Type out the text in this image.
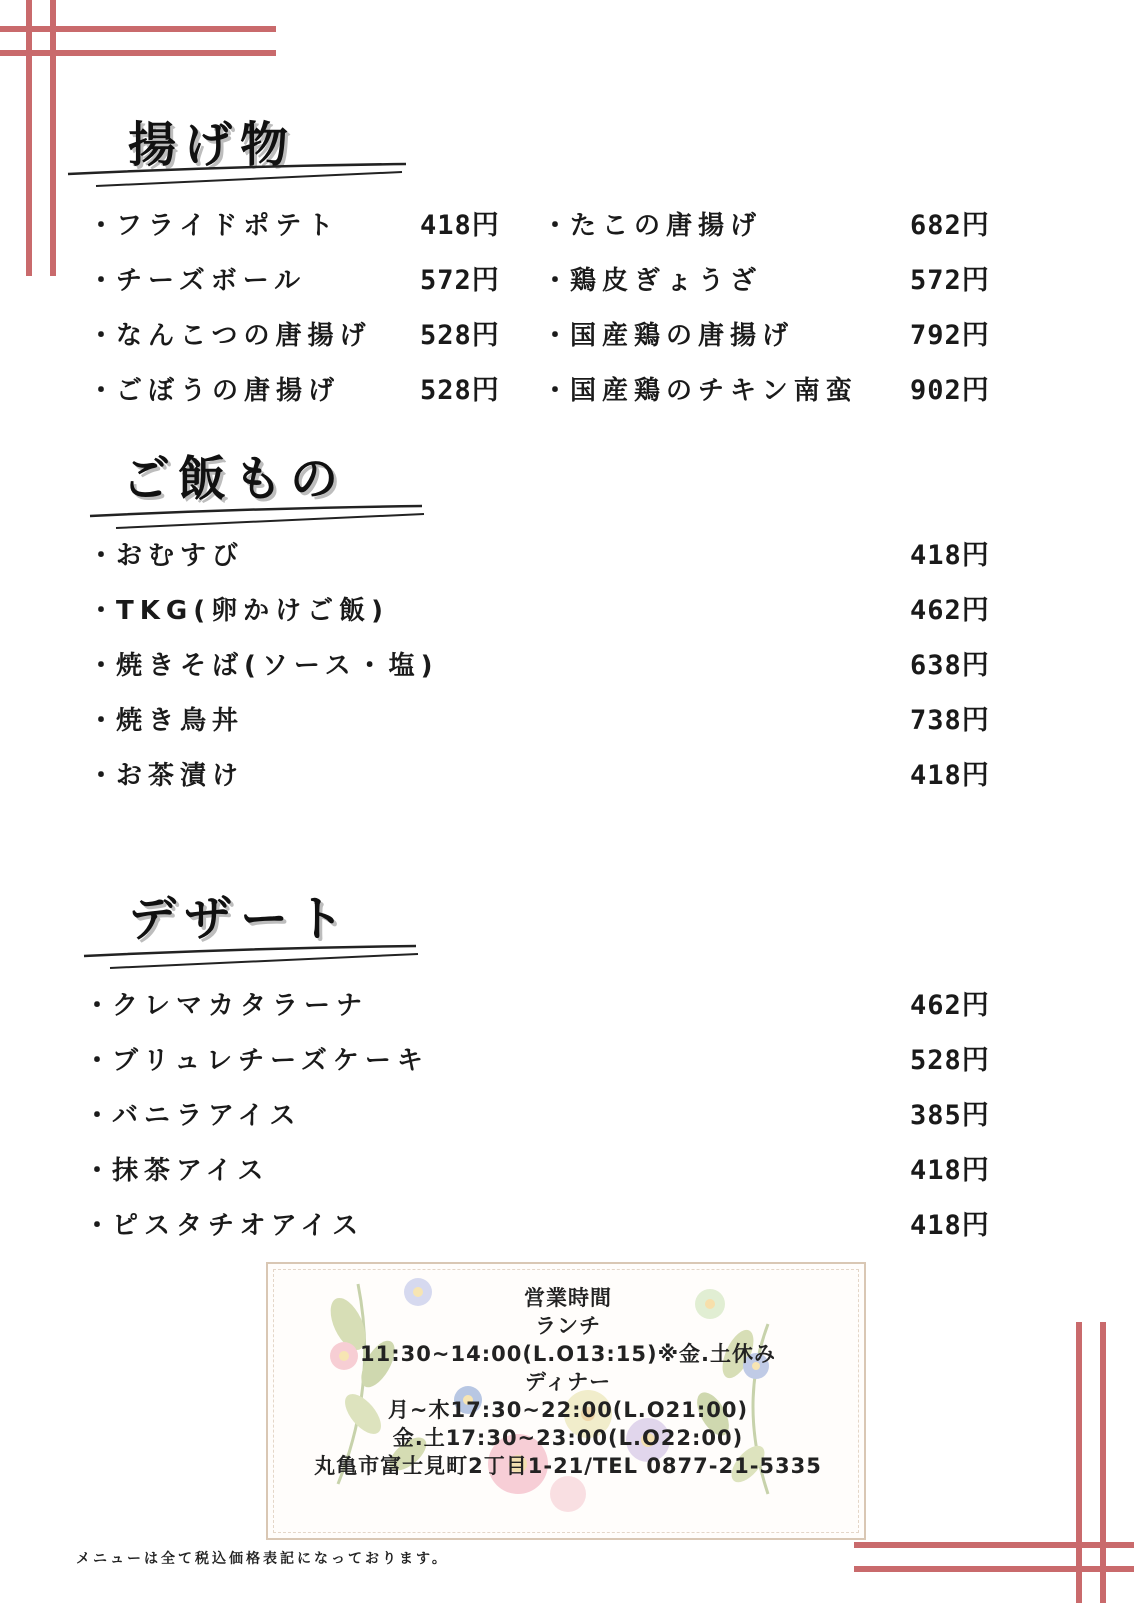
揚げ物
・フライドポテト	418円
・チーズボール	572円
・なんこつの唐揚げ 528円
・ごぼうの唐揚げ	528円
・たこの唐揚げ	682円
・鶏皮ぎょうざ	572円
・国産鶏の唐揚げ	792円
・国産鶏のチキン南蛮 902円
ご飯もの
・おむすび	418円
・TKG(卵かけご飯)	462円
・焼きそば(ソース・塩)	638円
・焼き鳥丼	738円
・お茶漬け	418円
デザート
・クレマカタラーナ	462円
・ブリュレチーズケーキ	528円
・バニラアイス	385円
・抹茶アイス	418円
・ピスタチオアイス	418円
営業時間
ランチ
11:30~14:00(L.O13:15)※金.土休み
ディナー
月~木17:30~22:00(L.O21:00)
金.土17:30~23:00(L.O22:00)
丸亀市富士見町2丁目1-21/TEL 0877-21-5335
メニューは全て税込価格表記になっております。
